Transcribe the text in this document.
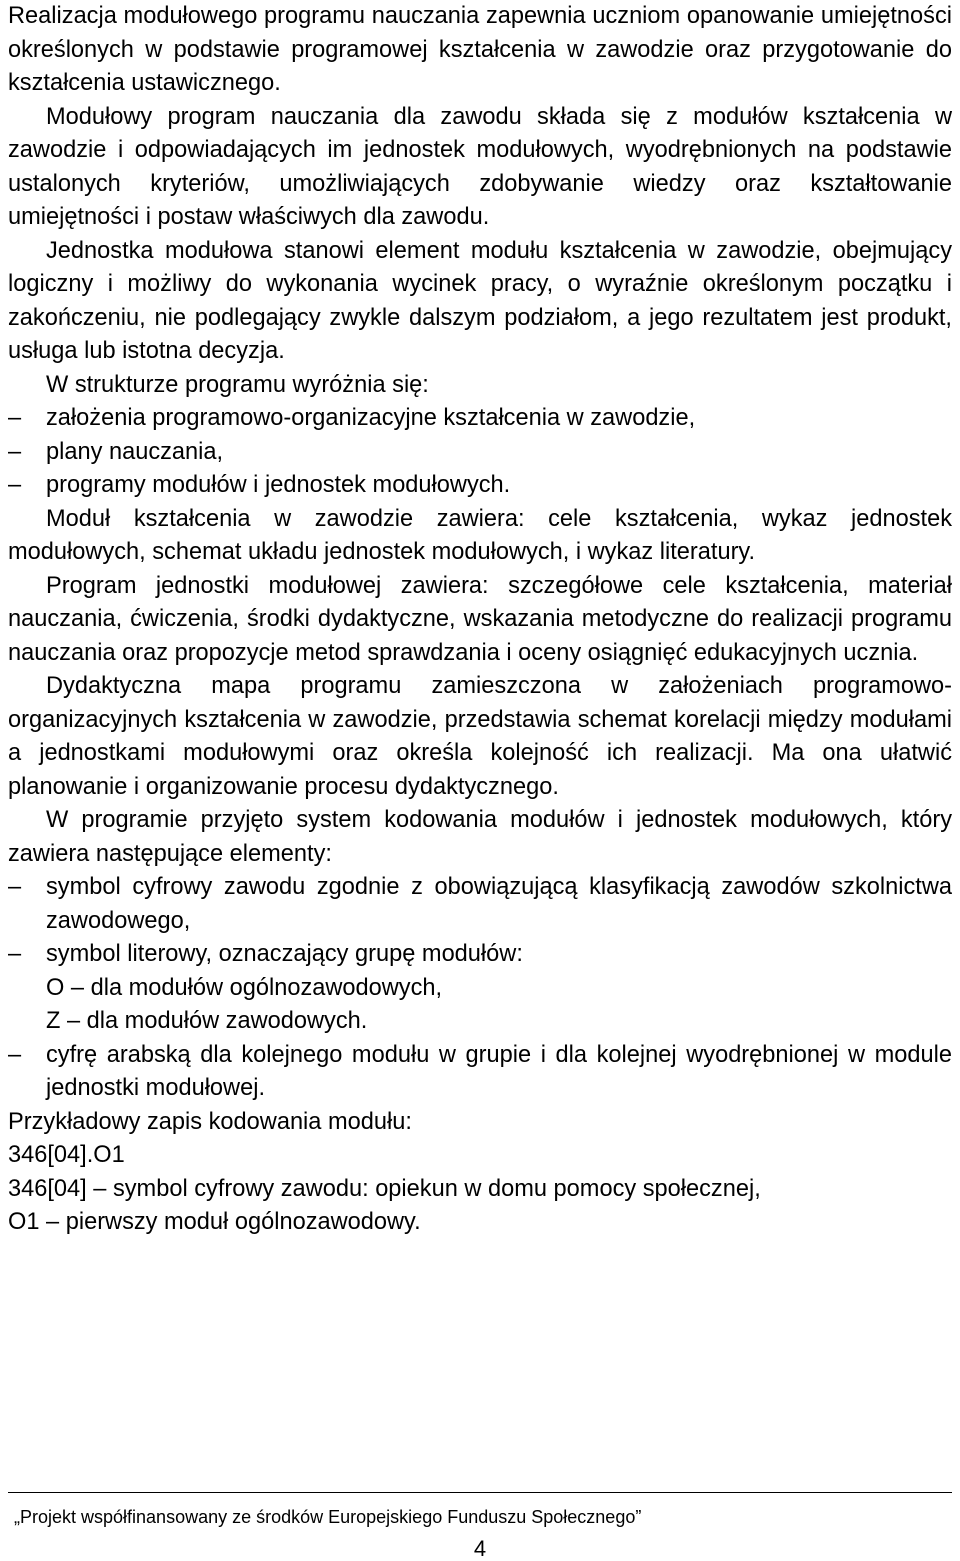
Realizacja modułowego programu nauczania zapewnia uczniom opanowanie umiejętności określonych w podstawie programowej kształcenia w zawodzie oraz przygotowanie do kształcenia ustawicznego.

Modułowy program nauczania dla zawodu składa się z modułów kształcenia w zawodzie i odpowiadających im jednostek modułowych, wyodrębnionych na podstawie ustalonych kryteriów, umożliwiających zdobywanie wiedzy oraz kształtowanie umiejętności i postaw właściwych dla zawodu.

Jednostka modułowa stanowi element modułu kształcenia w zawodzie, obejmujący logiczny i możliwy do wykonania wycinek pracy, o wyraźnie określonym początku i zakończeniu, nie podlegający zwykle dalszym podziałom, a jego rezultatem jest produkt, usługa lub istotna decyzja.

W strukturze programu wyróżnia się:

– założenia programowo-organizacyjne kształcenia w zawodzie,
– plany nauczania,
– programy modułów i jednostek modułowych.

Moduł kształcenia w zawodzie zawiera: cele kształcenia, wykaz jednostek modułowych, schemat układu jednostek modułowych, i wykaz literatury.

Program jednostki modułowej zawiera: szczegółowe cele kształcenia, materiał nauczania, ćwiczenia, środki dydaktyczne, wskazania metodyczne do realizacji programu nauczania oraz propozycje metod sprawdzania i oceny osiągnięć edukacyjnych ucznia.

Dydaktyczna mapa programu zamieszczona w założeniach programowo-organizacyjnych kształcenia w zawodzie, przedstawia schemat korelacji między modułami a jednostkami modułowymi oraz określa kolejność ich realizacji. Ma ona ułatwić planowanie i organizowanie procesu dydaktycznego.

W programie przyjęto system kodowania modułów i jednostek modułowych, który zawiera następujące elementy:

– symbol cyfrowy zawodu zgodnie z obowiązującą klasyfikacją zawodów szkolnictwa zawodowego,
– symbol literowy, oznaczający grupę modułów:
O – dla modułów ogólnozawodowych,
Z – dla modułów zawodowych.
– cyfrę arabską dla kolejnego modułu w grupie i dla kolejnej wyodrębnionej w module jednostki modułowej.

Przykładowy zapis kodowania modułu:

346[04].O1

346[04] – symbol cyfrowy zawodu: opiekun w domu pomocy społecznej,

O1 – pierwszy moduł ogólnozawodowy.

„Projekt współfinansowany ze środków Europejskiego Funduszu Społecznego”
4
